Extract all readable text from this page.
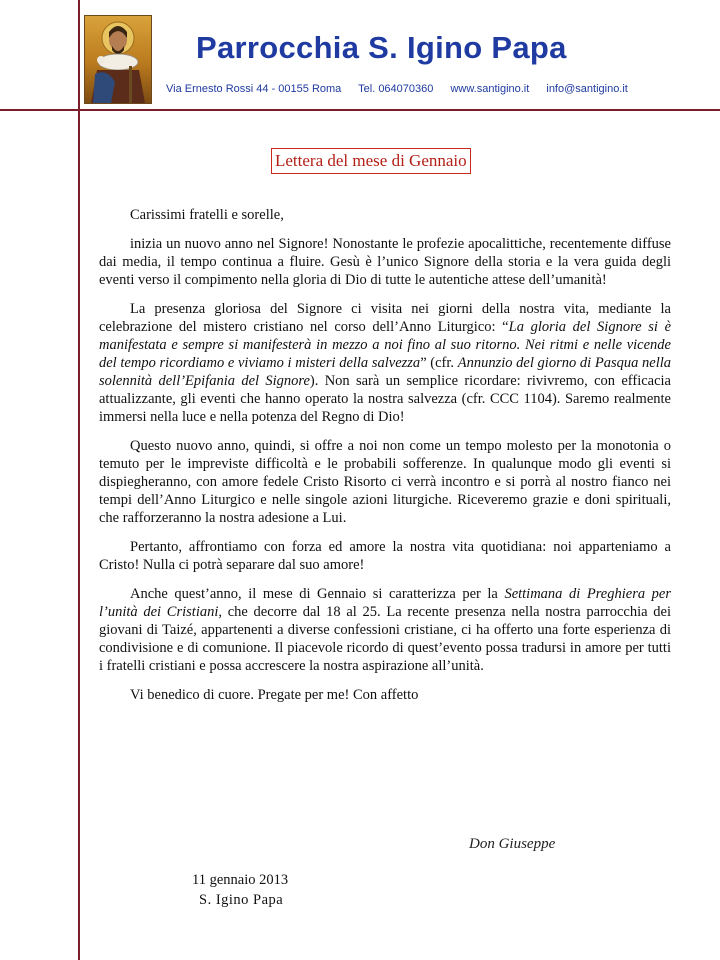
Parrocchia S. Igino Papa
Via Ernesto Rossi 44 - 00155 Roma Tel. 064070360 www.santigino.it info@santigino.it
Lettera del mese di Gennaio

Carissimi fratelli e sorelle,

inizia un nuovo anno nel Signore! Nonostante le profezie apocalittiche, recentemente diffuse dai media, il tempo continua a fluire. Gesù è l’unico Signore della storia e la vera guida degli eventi verso il compimento nella gloria di Dio di tutte le autentiche attese dell’umanità!

La presenza gloriosa del Signore ci visita nei giorni della nostra vita, mediante la celebrazione del mistero cristiano nel corso dell’Anno Liturgico: “La gloria del Signore si è manifestata e sempre si manifesterà in mezzo a noi fino al suo ritorno. Nei ritmi e nelle vicende del tempo ricordiamo e viviamo i misteri della salvezza” (cfr. Annunzio del giorno di Pasqua nella solennità dell’Epifania del Signore). Non sarà un semplice ricordare: rivivremo, con efficacia attualizzante, gli eventi che hanno operato la nostra salvezza (cfr. CCC 1104). Saremo realmente immersi nella luce e nella potenza del Regno di Dio!

Questo nuovo anno, quindi, si offre a noi non come un tempo molesto per la monotonia o temuto per le impreviste difficoltà e le probabili sofferenze. In qualunque modo gli eventi si dispiegheranno, con amore fedele Cristo Risorto ci verrà incontro e si porrà al nostro fianco nei tempi dell’Anno Liturgico e nelle singole azioni liturgiche. Riceveremo grazie e doni spirituali, che rafforzeranno la nostra adesione a Lui.

Pertanto, affrontiamo con forza ed amore la nostra vita quotidiana: noi apparteniamo a Cristo! Nulla ci potrà separare dal suo amore!

Anche quest’anno, il mese di Gennaio si caratterizza per la Settimana di Preghiera per l’unità dei Cristiani, che decorre dal 18 al 25. La recente presenza nella nostra parrocchia dei giovani di Taizé, appartenenti a diverse confessioni cristiane, ci ha offerto una forte esperienza di condivisione e di comunione. Il piacevole ricordo di quest’evento possa tradursi in amore per tutti i fratelli cristiani e possa accrescere la nostra aspirazione all’unità.

Vi benedico di cuore. Pregate per me! Con affetto

Don Giuseppe
11 gennaio 2013
S. Igino Papa
